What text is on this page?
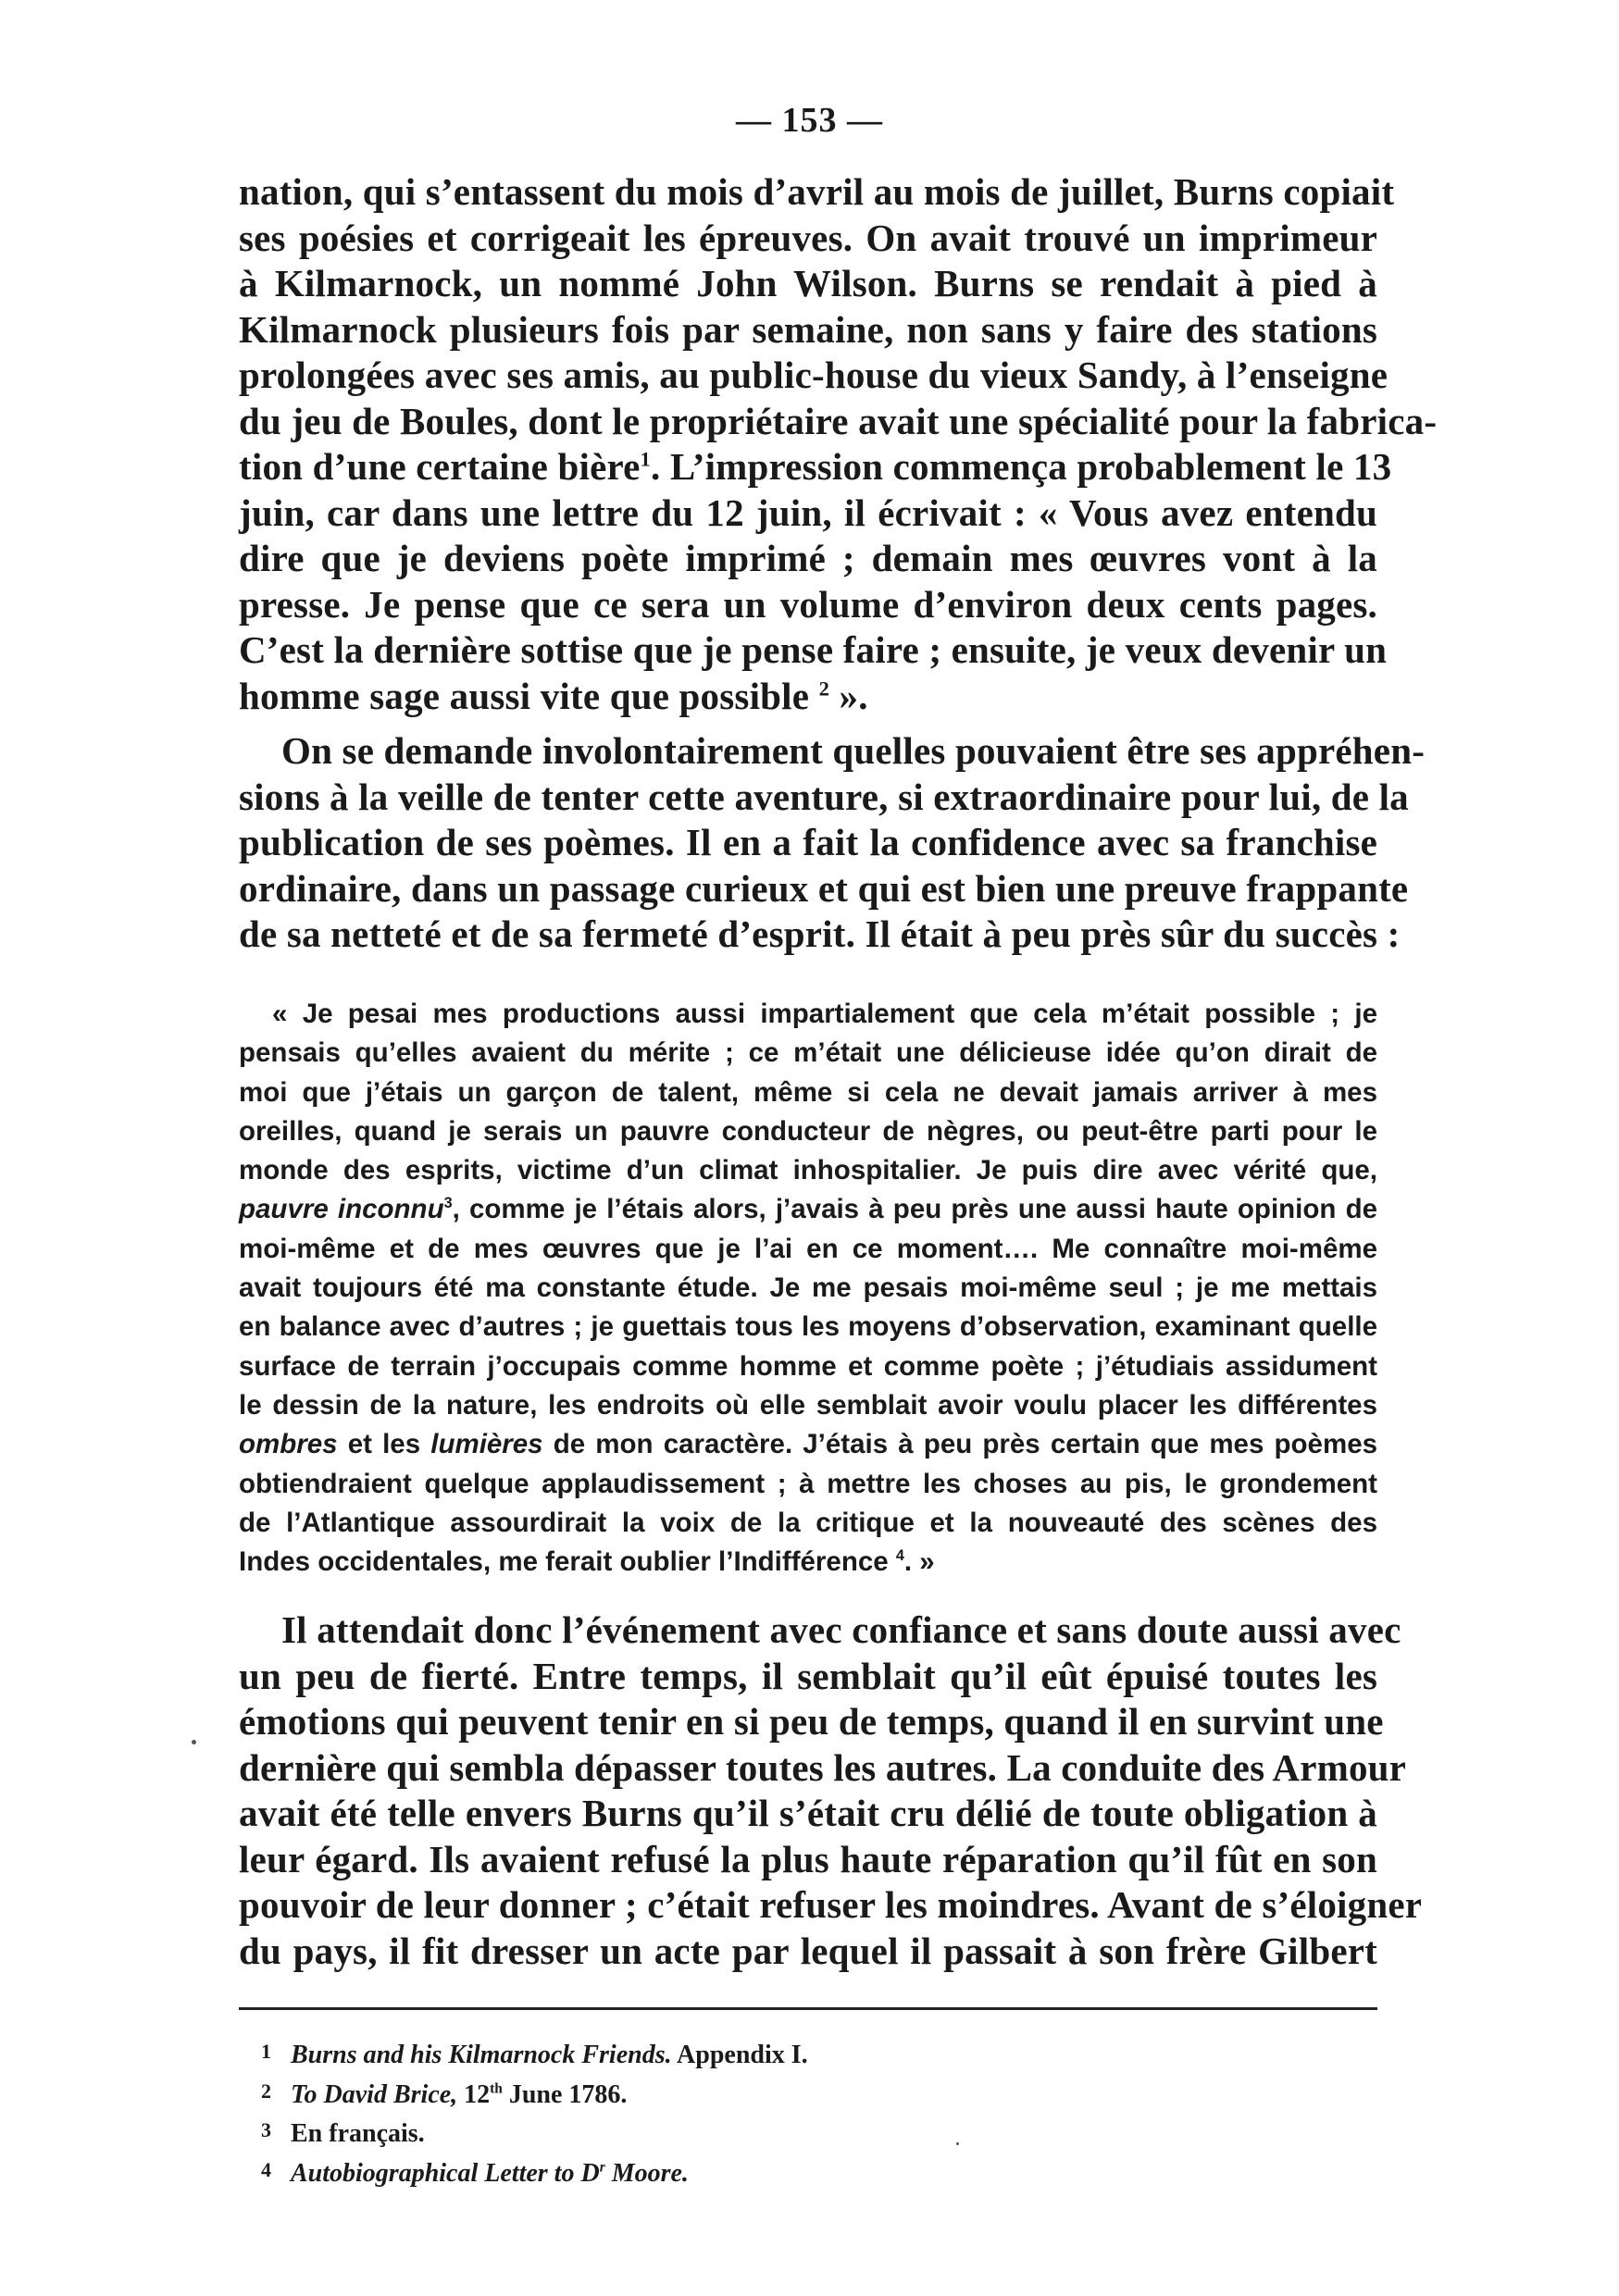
— 153 —
nation, qui s’entassent du mois d’avril au mois de juillet, Burns copiait
ses poésies et corrigeait les épreuves. On avait trouvé un imprimeur
à Kilmarnock, un nommé John Wilson. Burns se rendait à pied à
Kilmarnock plusieurs fois par semaine, non sans y faire des stations
prolongées avec ses amis, au public-house du vieux Sandy, à l’enseigne
du jeu de Boules, dont le propriétaire avait une spécialité pour la fabrica-
tion d’une certaine bière$^1$. L’impression commença probablement le 13
juin, car dans une lettre du 12 juin, il écrivait : « Vous avez entendu
dire que je deviens poète imprimé ; demain mes œuvres vont à la
presse. Je pense que ce sera un volume d’environ deux cents pages.
C’est la dernière sottise que je pense faire ; ensuite, je veux devenir un
homme sage aussi vite que possible $^2$ ».
On se demande involontairement quelles pouvaient être ses appréhen-
sions à la veille de tenter cette aventure, si extraordinaire pour lui, de la
publication de ses poèmes. Il en a fait la confidence avec sa franchise
ordinaire, dans un passage curieux et qui est bien une preuve frappante
de sa netteté et de sa fermeté d’esprit. Il était à peu près sûr du succès :
« Je pesai mes productions aussi impartialement que cela m’était possible ; je
pensais qu’elles avaient du mérite ; ce m’était une délicieuse idée qu’on dirait de
moi que j’étais un garçon de talent, même si cela ne devait jamais arriver à mes
oreilles, quand je serais un pauvre conducteur de nègres, ou peut-être parti pour le
monde des esprits, victime d’un climat inhospitalier. Je puis dire avec vérité que,
pauvre inconnu$^3$, comme je l’étais alors, j’avais à peu près une aussi haute opinion de
moi-même et de mes œuvres que je l’ai en ce moment…. Me connaître moi-même
avait toujours été ma constante étude. Je me pesais moi-même seul ; je me mettais
en balance avec d’autres ; je guettais tous les moyens d’observation, examinant quelle
surface de terrain j’occupais comme homme et comme poète ; j’étudiais assidument
le dessin de la nature, les endroits où elle semblait avoir voulu placer les différentes
ombres et les lumières de mon caractère. J’étais à peu près certain que mes poèmes
obtiendraient quelque applaudissement ; à mettre les choses au pis, le grondement
de l’Atlantique assourdirait la voix de la critique et la nouveauté des scènes des
Indes occidentales, me ferait oublier l’Indifférence $^4$. »
Il attendait donc l’événement avec confiance et sans doute aussi avec
un peu de fierté. Entre temps, il semblait qu’il eût épuisé toutes les
émotions qui peuvent tenir en si peu de temps, quand il en survint une
dernière qui sembla dépasser toutes les autres. La conduite des Armour
avait été telle envers Burns qu’il s’était cru délié de toute obligation à
leur égard. Ils avaient refusé la plus haute réparation qu’il fût en son
pouvoir de leur donner ; c’était refuser les moindres. Avant de s’éloigner
du pays, il fit dresser un acte par lequel il passait à son frère Gilbert
1 Burns and his Kilmarnock Friends. Appendix I.
2 To David Brice, 12th June 1786.
3 En français.
4 Autobiographical Letter to $D^r$ Moore.
